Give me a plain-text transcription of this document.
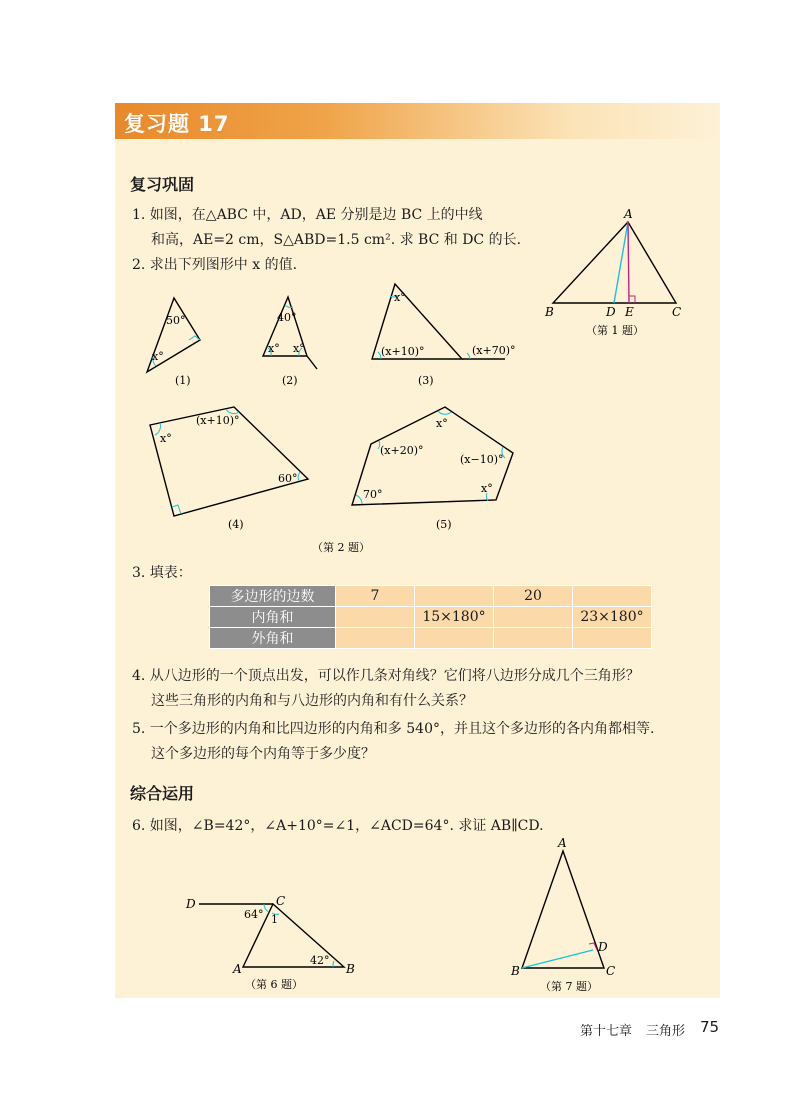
复习题 17
复习巩固
1. 如图，在△ABC 中，AD，AE 分别是边 BC 上的中线
和高，AE=2 cm，S△ABD=1.5 cm². 求 BC 和 DC 的长.
2. 求出下列图形中 x 的值.
A
B	C
D E
（第 1 题）
50°
x°
(1)
40°
x° x°
(2)
x°
(x+10)°	(x+70)°
(3)
(x+10)°
x°
60°
(4)
x°
(x+20)°
(x−10)°
70°	x°
(5)
（第 2 题）
D	C
A	B
64° 1
42°
（第 6 题）
A
B	C
D
（第 7 题）
3. 填表：
多边形的边数	7		20	
内角和		15×180°		23×180°
外角和				
4. 从八边形的一个顶点出发，可以作几条对角线？它们将八边形分成几个三角形？
这些三角形的内角和与八边形的内角和有什么关系？
5. 一个多边形的内角和比四边形的内角和多 540°，并且这个多边形的各内角都相等.
这个多边形的每个内角等于多少度？
综合运用
6. 如图，∠B=42°，∠A+10°=∠1，∠ACD=64°. 求证 AB∥CD.
第十七章 三角形 75
